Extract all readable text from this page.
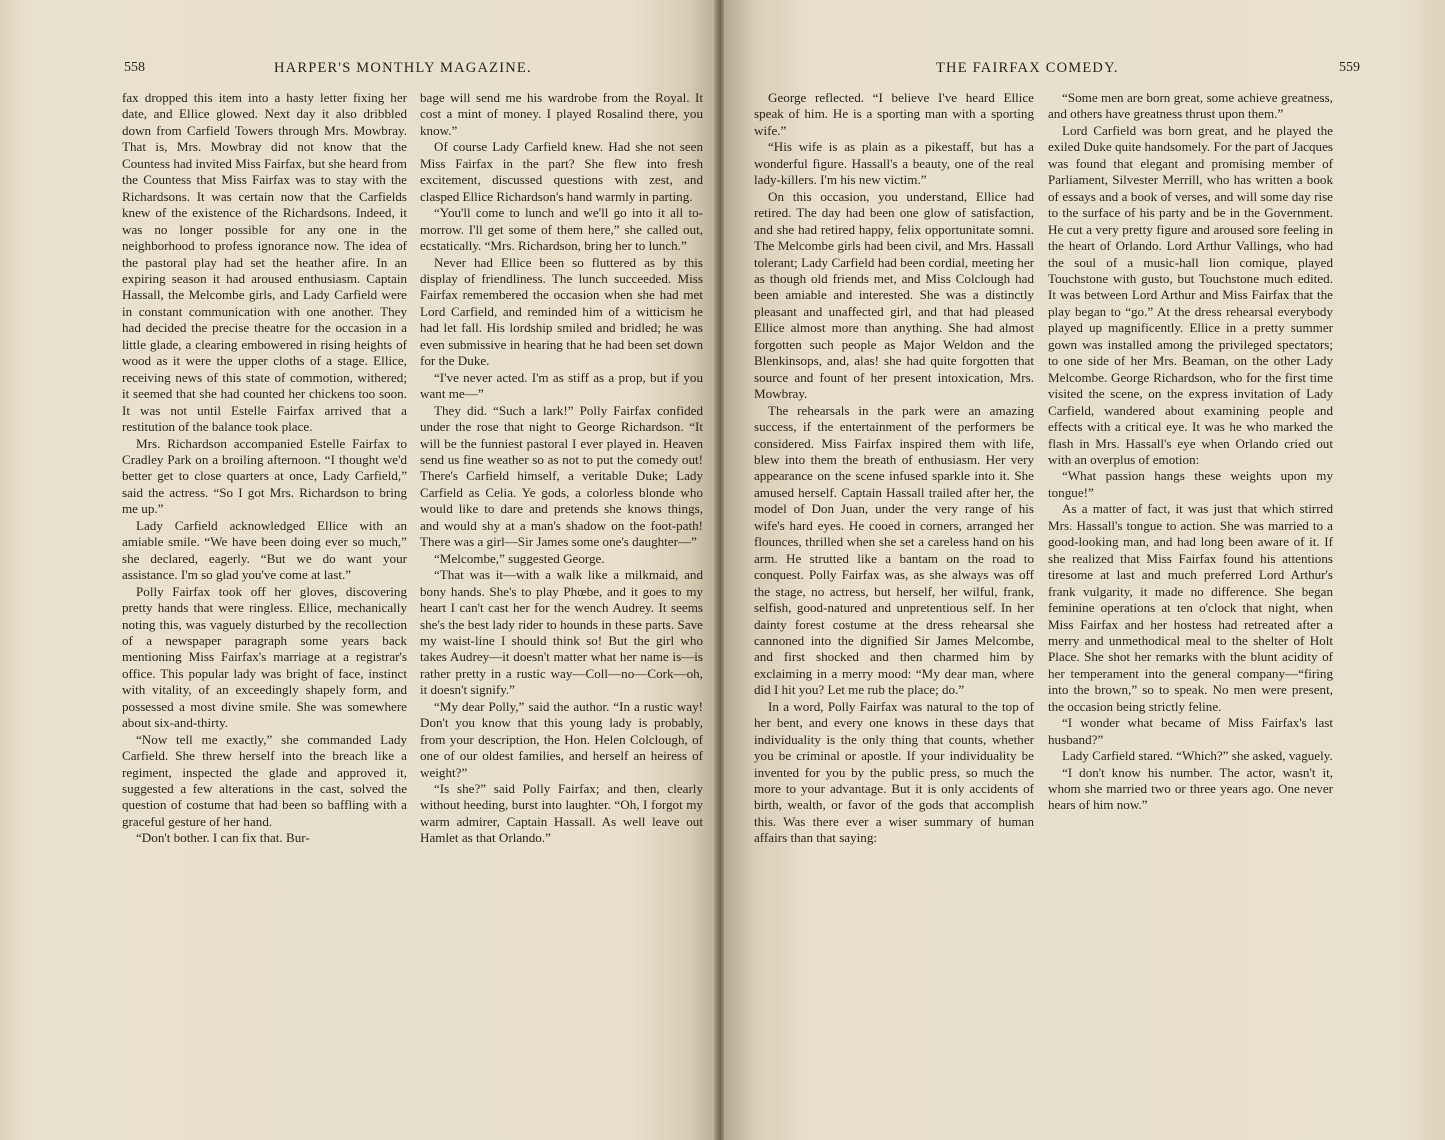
558	HARPER'S MONTHLY MAGAZINE.

fax dropped this item into a hasty letter fixing her date, and Ellice glowed. Next day it also dribbled down from Carfield Towers through Mrs. Mowbray. That is, Mrs. Mowbray did not know that the Countess had invited Miss Fairfax, but she heard from the Countess that Miss Fairfax was to stay with the Richardsons. It was certain now that the Carfields knew of the existence of the Richardsons. Indeed, it was no longer possible for any one in the neighborhood to profess ignorance now. The idea of the pastoral play had set the heather afire. In an expiring season it had aroused enthusiasm. Captain Hassall, the Melcombe girls, and Lady Carfield were in constant communication with one another. They had decided the precise theatre for the occasion in a little glade, a clearing embowered in rising heights of wood as it were the upper cloths of a stage. Ellice, receiving news of this state of commotion, withered; it seemed that she had counted her chickens too soon. It was not until Estelle Fairfax arrived that a restitution of the balance took place.

Mrs. Richardson accompanied Estelle Fairfax to Cradley Park on a broiling afternoon. “I thought we'd better get to close quarters at once, Lady Carfield,” said the actress. “So I got Mrs. Richardson to bring me up.”

Lady Carfield acknowledged Ellice with an amiable smile. “We have been doing ever so much,” she declared, eagerly. “But we do want your assistance. I'm so glad you've come at last.”

Polly Fairfax took off her gloves, discovering pretty hands that were ringless. Ellice, mechanically noting this, was vaguely disturbed by the recollection of a newspaper paragraph some years back mentioning Miss Fairfax's marriage at a registrar's office. This popular lady was bright of face, instinct with vitality, of an exceedingly shapely form, and possessed a most divine smile. She was somewhere about six-and-thirty.

“Now tell me exactly,” she commanded Lady Carfield. She threw herself into the breach like a regiment, inspected the glade and approved it, suggested a few alterations in the cast, solved the question of costume that had been so baffling with a graceful gesture of her hand.

“Don't bother. I can fix that. Bur-

bage will send me his wardrobe from the Royal. It cost a mint of money. I played Rosalind there, you know.”

Of course Lady Carfield knew. Had she not seen Miss Fairfax in the part? She flew into fresh excitement, discussed questions with zest, and clasped Ellice Richardson's hand warmly in parting.

“You'll come to lunch and we'll go into it all to-morrow. I'll get some of them here,” she called out, ecstatically. “Mrs. Richardson, bring her to lunch.”

Never had Ellice been so fluttered as by this display of friendliness. The lunch succeeded. Miss Fairfax remembered the occasion when she had met Lord Carfield, and reminded him of a witticism he had let fall. His lordship smiled and bridled; he was even submissive in hearing that he had been set down for the Duke.

“I've never acted. I'm as stiff as a prop, but if you want me—”

They did. “Such a lark!” Polly Fairfax confided under the rose that night to George Richardson. “It will be the funniest pastoral I ever played in. Heaven send us fine weather so as not to put the comedy out! There's Carfield himself, a veritable Duke; Lady Carfield as Celia. Ye gods, a colorless blonde who would like to dare and pretends she knows things, and would shy at a man's shadow on the foot-path! There was a girl—Sir James some one's daughter—”

“Melcombe,” suggested George.

“That was it—with a walk like a milkmaid, and bony hands. She's to play Phœbe, and it goes to my heart I can't cast her for the wench Audrey. It seems she's the best lady rider to hounds in these parts. Save my waist-line I should think so! But the girl who takes Audrey—it doesn't matter what her name is—is rather pretty in a rustic way—Coll—no—Cork—oh, it doesn't signify.”

“My dear Polly,” said the author. “In a rustic way! Don't you know that this young lady is probably, from your description, the Hon. Helen Colclough, of one of our oldest families, and herself an heiress of weight?”

“Is she?” said Polly Fairfax; and then, clearly without heeding, burst into laughter. “Oh, I forgot my warm admirer, Captain Hassall. As well leave out Hamlet as that Orlando.”

THE FAIRFAX COMEDY.	559

George reflected. “I believe I've heard Ellice speak of him. He is a sporting man with a sporting wife.”

“His wife is as plain as a pikestaff, but has a wonderful figure. Hassall's a beauty, one of the real lady-killers. I'm his new victim.”

On this occasion, you understand, Ellice had retired. The day had been one glow of satisfaction, and she had retired happy, felix opportunitate somni. The Melcombe girls had been civil, and Mrs. Hassall tolerant; Lady Carfield had been cordial, meeting her as though old friends met, and Miss Colclough had been amiable and interested. She was a distinctly pleasant and unaffected girl, and that had pleased Ellice almost more than anything. She had almost forgotten such people as Major Weldon and the Blenkinsops, and, alas! she had quite forgotten that source and fount of her present intoxication, Mrs. Mowbray.

The rehearsals in the park were an amazing success, if the entertainment of the performers be considered. Miss Fairfax inspired them with life, blew into them the breath of enthusiasm. Her very appearance on the scene infused sparkle into it. She amused herself. Captain Hassall trailed after her, the model of Don Juan, under the very range of his wife's hard eyes. He cooed in corners, arranged her flounces, thrilled when she set a careless hand on his arm. He strutted like a bantam on the road to conquest. Polly Fairfax was, as she always was off the stage, no actress, but herself, her wilful, frank, selfish, good-natured and unpretentious self. In her dainty forest costume at the dress rehearsal she cannoned into the dignified Sir James Melcombe, and first shocked and then charmed him by exclaiming in a merry mood: “My dear man, where did I hit you? Let me rub the place; do.”

In a word, Polly Fairfax was natural to the top of her bent, and every one knows in these days that individuality is the only thing that counts, whether you be criminal or apostle. If your individuality be invented for you by the public press, so much the more to your advantage. But it is only accidents of birth, wealth, or favor of the gods that accomplish this. Was there ever a wiser summary of human affairs than that saying:

“Some men are born great, some achieve greatness, and others have greatness thrust upon them.”

Lord Carfield was born great, and he played the exiled Duke quite handsomely. For the part of Jacques was found that elegant and promising member of Parliament, Silvester Merrill, who has written a book of essays and a book of verses, and will some day rise to the surface of his party and be in the Government. He cut a very pretty figure and aroused sore feeling in the heart of Orlando. Lord Arthur Vallings, who had the soul of a music-hall lion comique, played Touchstone with gusto, but Touchstone much edited. It was between Lord Arthur and Miss Fairfax that the play began to “go.” At the dress rehearsal everybody played up magnificently. Ellice in a pretty summer gown was installed among the privileged spectators; to one side of her Mrs. Beaman, on the other Lady Melcombe. George Richardson, who for the first time visited the scene, on the express invitation of Lady Carfield, wandered about examining people and effects with a critical eye. It was he who marked the flash in Mrs. Hassall's eye when Orlando cried out with an overplus of emotion:

“What passion hangs these weights upon my tongue!”

As a matter of fact, it was just that which stirred Mrs. Hassall's tongue to action. She was married to a good-looking man, and had long been aware of it. If she realized that Miss Fairfax found his attentions tiresome at last and much preferred Lord Arthur's frank vulgarity, it made no difference. She began feminine operations at ten o'clock that night, when Miss Fairfax and her hostess had retreated after a merry and unmethodical meal to the shelter of Holt Place. She shot her remarks with the blunt acidity of her temperament into the general company—“firing into the brown,” so to speak. No men were present, the occasion being strictly feline.

“I wonder what became of Miss Fairfax's last husband?”

Lady Carfield stared. “Which?” she asked, vaguely.

“I don't know his number. The actor, wasn't it, whom she married two or three years ago. One never hears of him now.”
